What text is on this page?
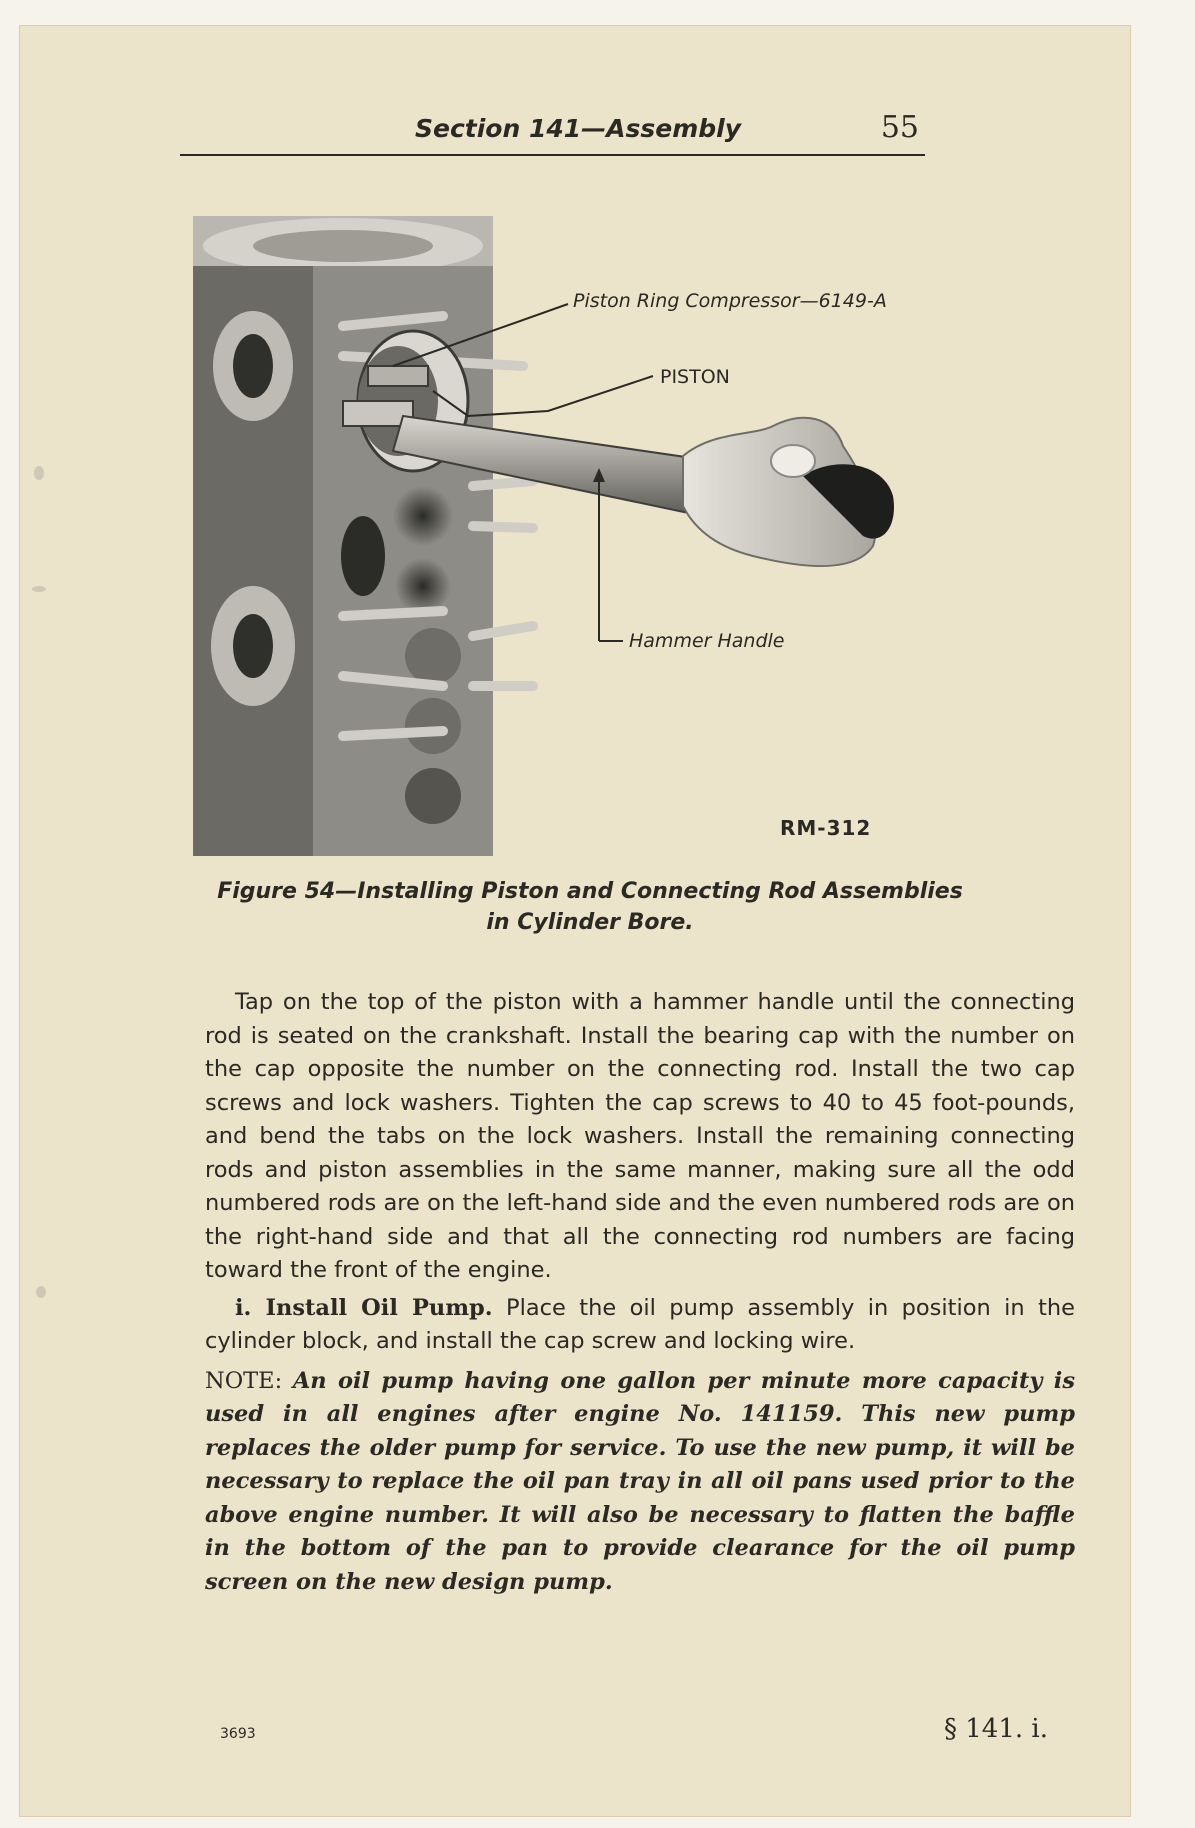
Section 141—Assembly	55
Piston Ring Compressor—6149-A
PISTON
Hammer Handle
RM-312
Figure 54—Installing Piston and Connecting Rod Assemblies
in Cylinder Bore.

Tap on the top of the piston with a hammer handle until the connecting rod is seated on the crankshaft. Install the bearing cap with the number on the cap opposite the number on the connecting rod. Install the two cap screws and lock washers. Tighten the cap screws to 40 to 45 foot-pounds, and bend the tabs on the lock washers. Install the remaining connecting rods and piston assemblies in the same manner, making sure all the odd numbered rods are on the left-hand side and the even numbered rods are on the right-hand side and that all the connecting rod numbers are facing toward the front of the engine.

i. Install Oil Pump. Place the oil pump assembly in position in the cylinder block, and install the cap screw and locking wire.

NOTE: An oil pump having one gallon per minute more capacity is used in all engines after engine No. 141159. This new pump replaces the older pump for service. To use the new pump, it will be necessary to replace the oil pan tray in all oil pans used prior to the above engine number. It will also be necessary to flatten the baffle in the bottom of the pan to provide clearance for the oil pump screen on the new design pump.

3693	§ 141. i.
